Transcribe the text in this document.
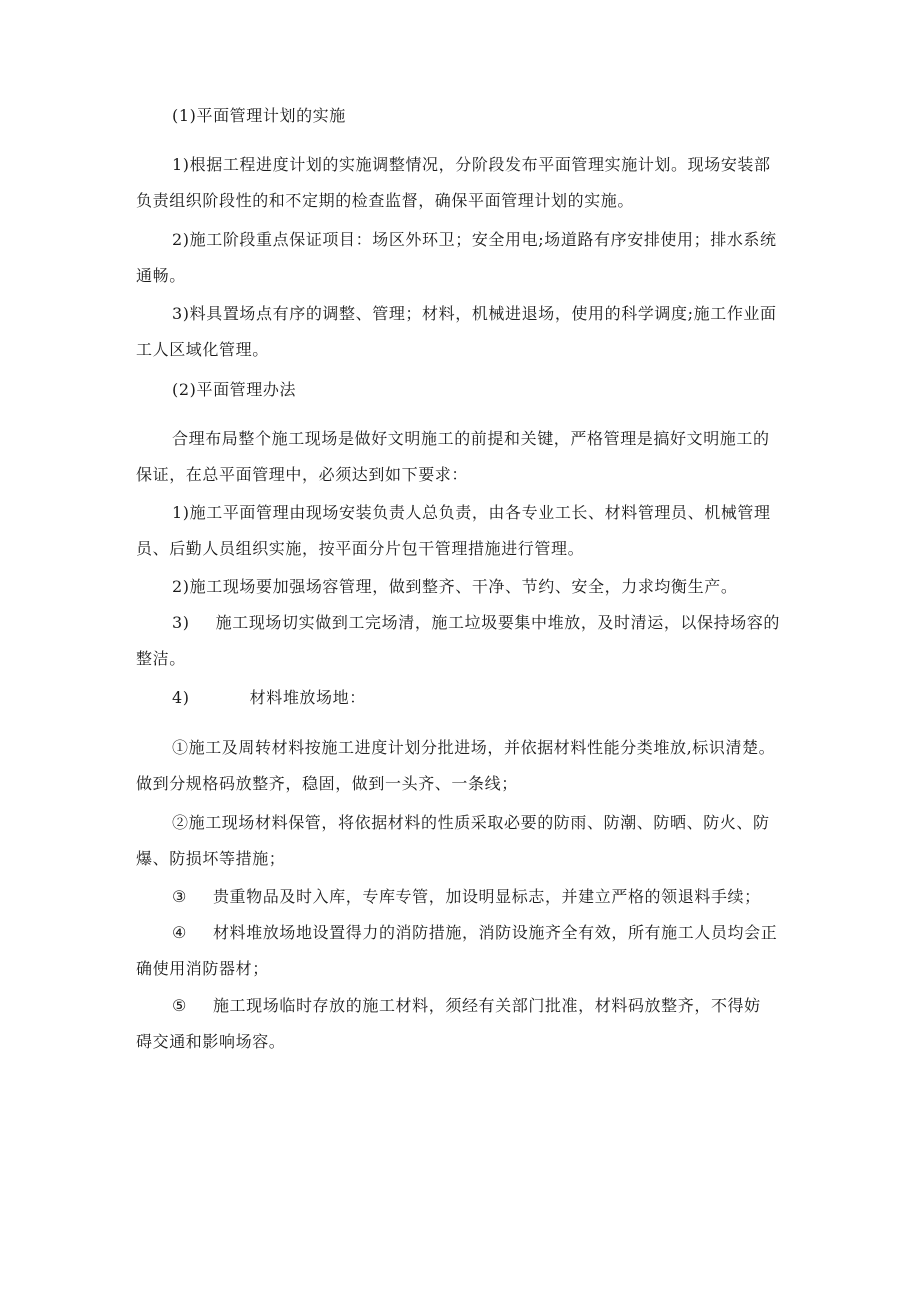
(1)平面管理计划的实施

1)根据工程进度计划的实施调整情况，分阶段发布平面管理实施计划。现场安装部
负责组织阶段性的和不定期的检查监督，确保平面管理计划的实施。

2)施工阶段重点保证项目：场区外环卫；安全用电;场道路有序安排使用；排水系统
通畅。

3)料具置场点有序的调整、管理；材料，机械进退场，使用的科学调度;施工作业面
工人区域化管理。

(2)平面管理办法

合理布局整个施工现场是做好文明施工的前提和关键，严格管理是搞好文明施工的
保证，在总平面管理中，必须达到如下要求：

1)施工平面管理由现场安装负责人总负责，由各专业工长、材料管理员、机械管理
员、后勤人员组织实施，按平面分片包干管理措施进行管理。

2)施工现场要加强场容管理，做到整齐、干净、节约、安全，力求均衡生产。

3) 施工现场切实做到工完场清，施工垃圾要集中堆放，及时清运，以保持场容的
整洁。

4)	材料堆放场地：

①施工及周转材料按施工进度计划分批进场，并依据材料性能分类堆放,标识清楚。
做到分规格码放整齐，稳固，做到一头齐、一条线；

②施工现场材料保管，将依据材料的性质采取必要的防雨、防潮、防晒、防火、防
爆、防损坏等措施；

③ 贵重物品及时入库，专库专管，加设明显标志，并建立严格的领退料手续；

④ 材料堆放场地设置得力的消防措施，消防设施齐全有效，所有施工人员均会正
确使用消防器材；

⑤ 施工现场临时存放的施工材料，须经有关部门批准，材料码放整齐，不得妨
碍交通和影响场容。
